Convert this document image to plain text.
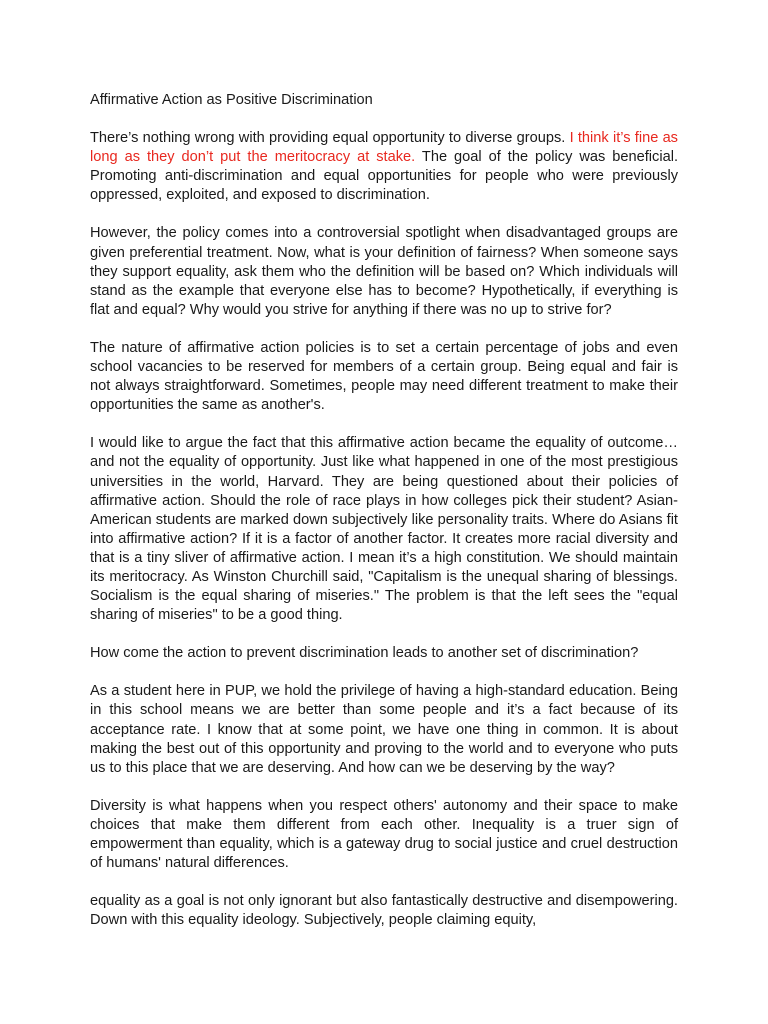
Affirmative Action as Positive Discrimination
There’s nothing wrong with providing equal opportunity to diverse groups. I think it’s fine as long as they don’t put the meritocracy at stake. The goal of the policy was beneficial. Promoting anti-discrimination and equal opportunities for people who were previously oppressed, exploited, and exposed to discrimination.
However, the policy comes into a controversial spotlight when disadvantaged groups are given preferential treatment. Now, what is your definition of fairness? When someone says they support equality, ask them who the definition will be based on? Which individuals will stand as the example that everyone else has to become? Hypothetically, if everything is flat and equal? Why would you strive for anything if there was no up to strive for?
The nature of affirmative action policies is to set a certain percentage of jobs and even school vacancies to be reserved for members of a certain group. Being equal and fair is not always straightforward. Sometimes, people may need different treatment to make their opportunities the same as another's.
I would like to argue the fact that this affirmative action became the equality of outcome… and not the equality of opportunity. Just like what happened in one of the most prestigious universities in the world, Harvard. They are being questioned about their policies of affirmative action. Should the role of race plays in how colleges pick their student? Asian-American students are marked down subjectively like personality traits. Where do Asians fit into affirmative action? If it is a factor of another factor. It creates more racial diversity and that is a tiny sliver of affirmative action. I mean it’s a high constitution. We should maintain its meritocracy. As Winston Churchill said, "Capitalism is the unequal sharing of blessings. Socialism is the equal sharing of miseries." The problem is that the left sees the "equal sharing of miseries" to be a good thing.
How come the action to prevent discrimination leads to another set of discrimination?
As a student here in PUP, we hold the privilege of having a high-standard education. Being in this school means we are better than some people and it’s a fact because of its acceptance rate. I know that at some point, we have one thing in common. It is about making the best out of this opportunity and proving to the world and to everyone who puts us to this place that we are deserving. And how can we be deserving by the way?
Diversity is what happens when you respect others' autonomy and their space to make choices that make them different from each other. Inequality is a truer sign of empowerment than equality, which is a gateway drug to social justice and cruel destruction of humans' natural differences.
equality as a goal is not only ignorant but also fantastically destructive and disempowering. Down with this equality ideology. Subjectively, people claiming equity,
